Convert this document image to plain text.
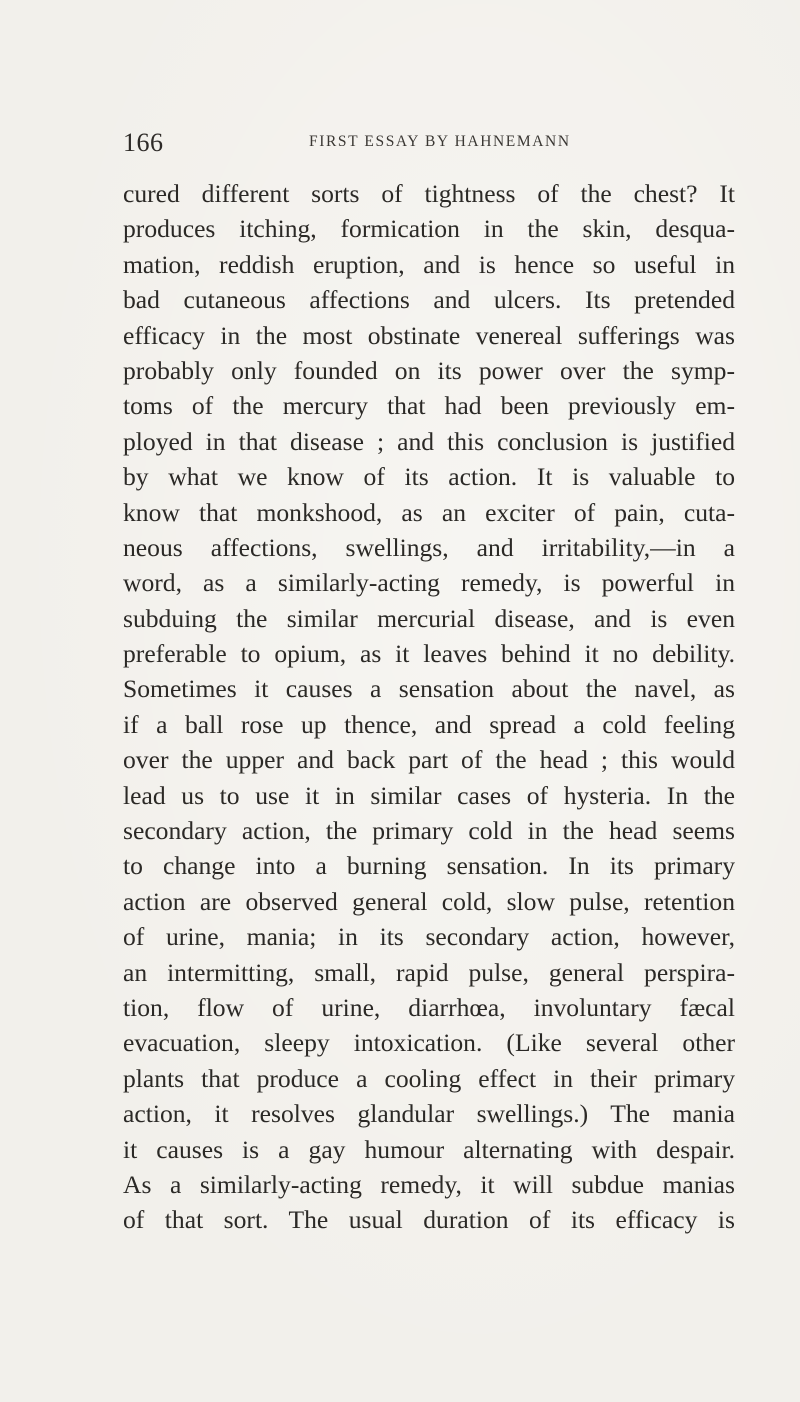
166	FIRST ESSAY BY HAHNEMANN
cured different sorts of tightness of the chest? It
produces itching, formication in the skin, desqua-
mation, reddish eruption, and is hence so useful in
bad cutaneous affections and ulcers. Its pretended
efficacy in the most obstinate venereal sufferings was
probably only founded on its power over the symp-
toms of the mercury that had been previously em-
ployed in that disease ; and this conclusion is justified
by what we know of its action. It is valuable to
know that monkshood, as an exciter of pain, cuta-
neous affections, swellings, and irritability,—in a
word, as a similarly-acting remedy, is powerful in
subduing the similar mercurial disease, and is even
preferable to opium, as it leaves behind it no debility.
Sometimes it causes a sensation about the navel, as
if a ball rose up thence, and spread a cold feeling
over the upper and back part of the head ; this would
lead us to use it in similar cases of hysteria. In the
secondary action, the primary cold in the head seems
to change into a burning sensation. In its primary
action are observed general cold, slow pulse, retention
of urine, mania; in its secondary action, however,
an intermitting, small, rapid pulse, general perspira-
tion, flow of urine, diarrhœa, involuntary fæcal
evacuation, sleepy intoxication. (Like several other
plants that produce a cooling effect in their primary
action, it resolves glandular swellings.) The mania
it causes is a gay humour alternating with despair.
As a similarly-acting remedy, it will subdue manias
of that sort. The usual duration of its efficacy is
